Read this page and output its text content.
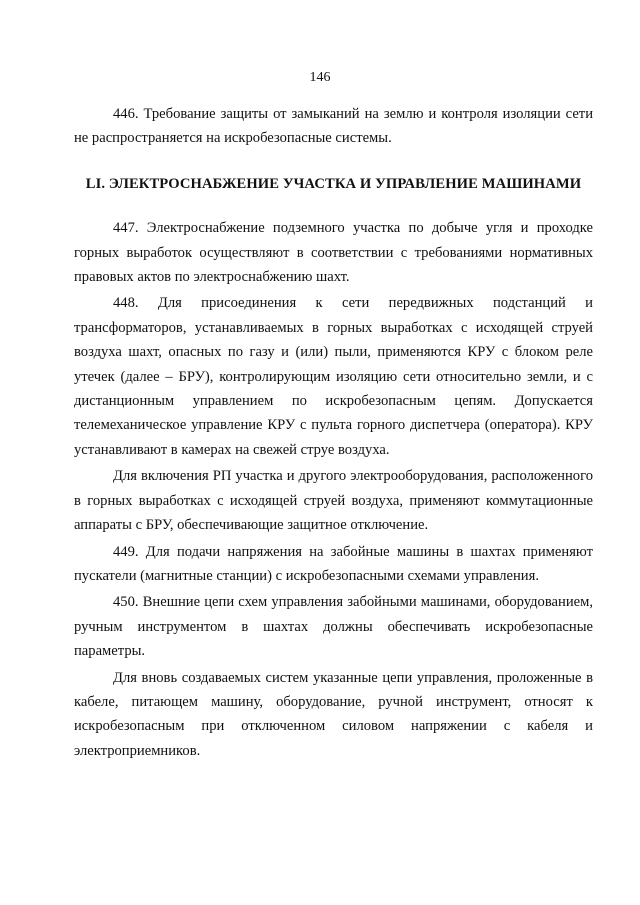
146

446. Требование защиты от замыканий на землю и контроля изоляции сети не распространяется на искробезопасные системы.

LI. ЭЛЕКТРОСНАБЖЕНИЕ УЧАСТКА И УПРАВЛЕНИЕ МАШИНАМИ

447. Электроснабжение подземного участка по добыче угля и проходке горных выработок осуществляют в соответствии с требованиями нормативных правовых актов по электроснабжению шахт.

448. Для присоединения к сети передвижных подстанций и трансформаторов, устанавливаемых в горных выработках с исходящей струей воздуха шахт, опасных по газу и (или) пыли, применяются КРУ с блоком реле утечек (далее – БРУ), контролирующим изоляцию сети относительно земли, и с дистанционным управлением по искробезопасным цепям. Допускается телемеханическое управление КРУ с пульта горного диспетчера (оператора). КРУ устанавливают в камерах на свежей струе воздуха.

Для включения РП участка и другого электрооборудования, расположенного в горных выработках с исходящей струей воздуха, применяют коммутационные аппараты с БРУ, обеспечивающие защитное отключение.

449. Для подачи напряжения на забойные машины в шахтах применяют пускатели (магнитные станции) с искробезопасными схемами управления.

450. Внешние цепи схем управления забойными машинами, оборудованием, ручным инструментом в шахтах должны обеспечивать искробезопасные параметры.

Для вновь создаваемых систем указанные цепи управления, проложенные в кабеле, питающем машину, оборудование, ручной инструмент, относят к искробезопасным при отключенном силовом напряжении с кабеля и электроприемников.
